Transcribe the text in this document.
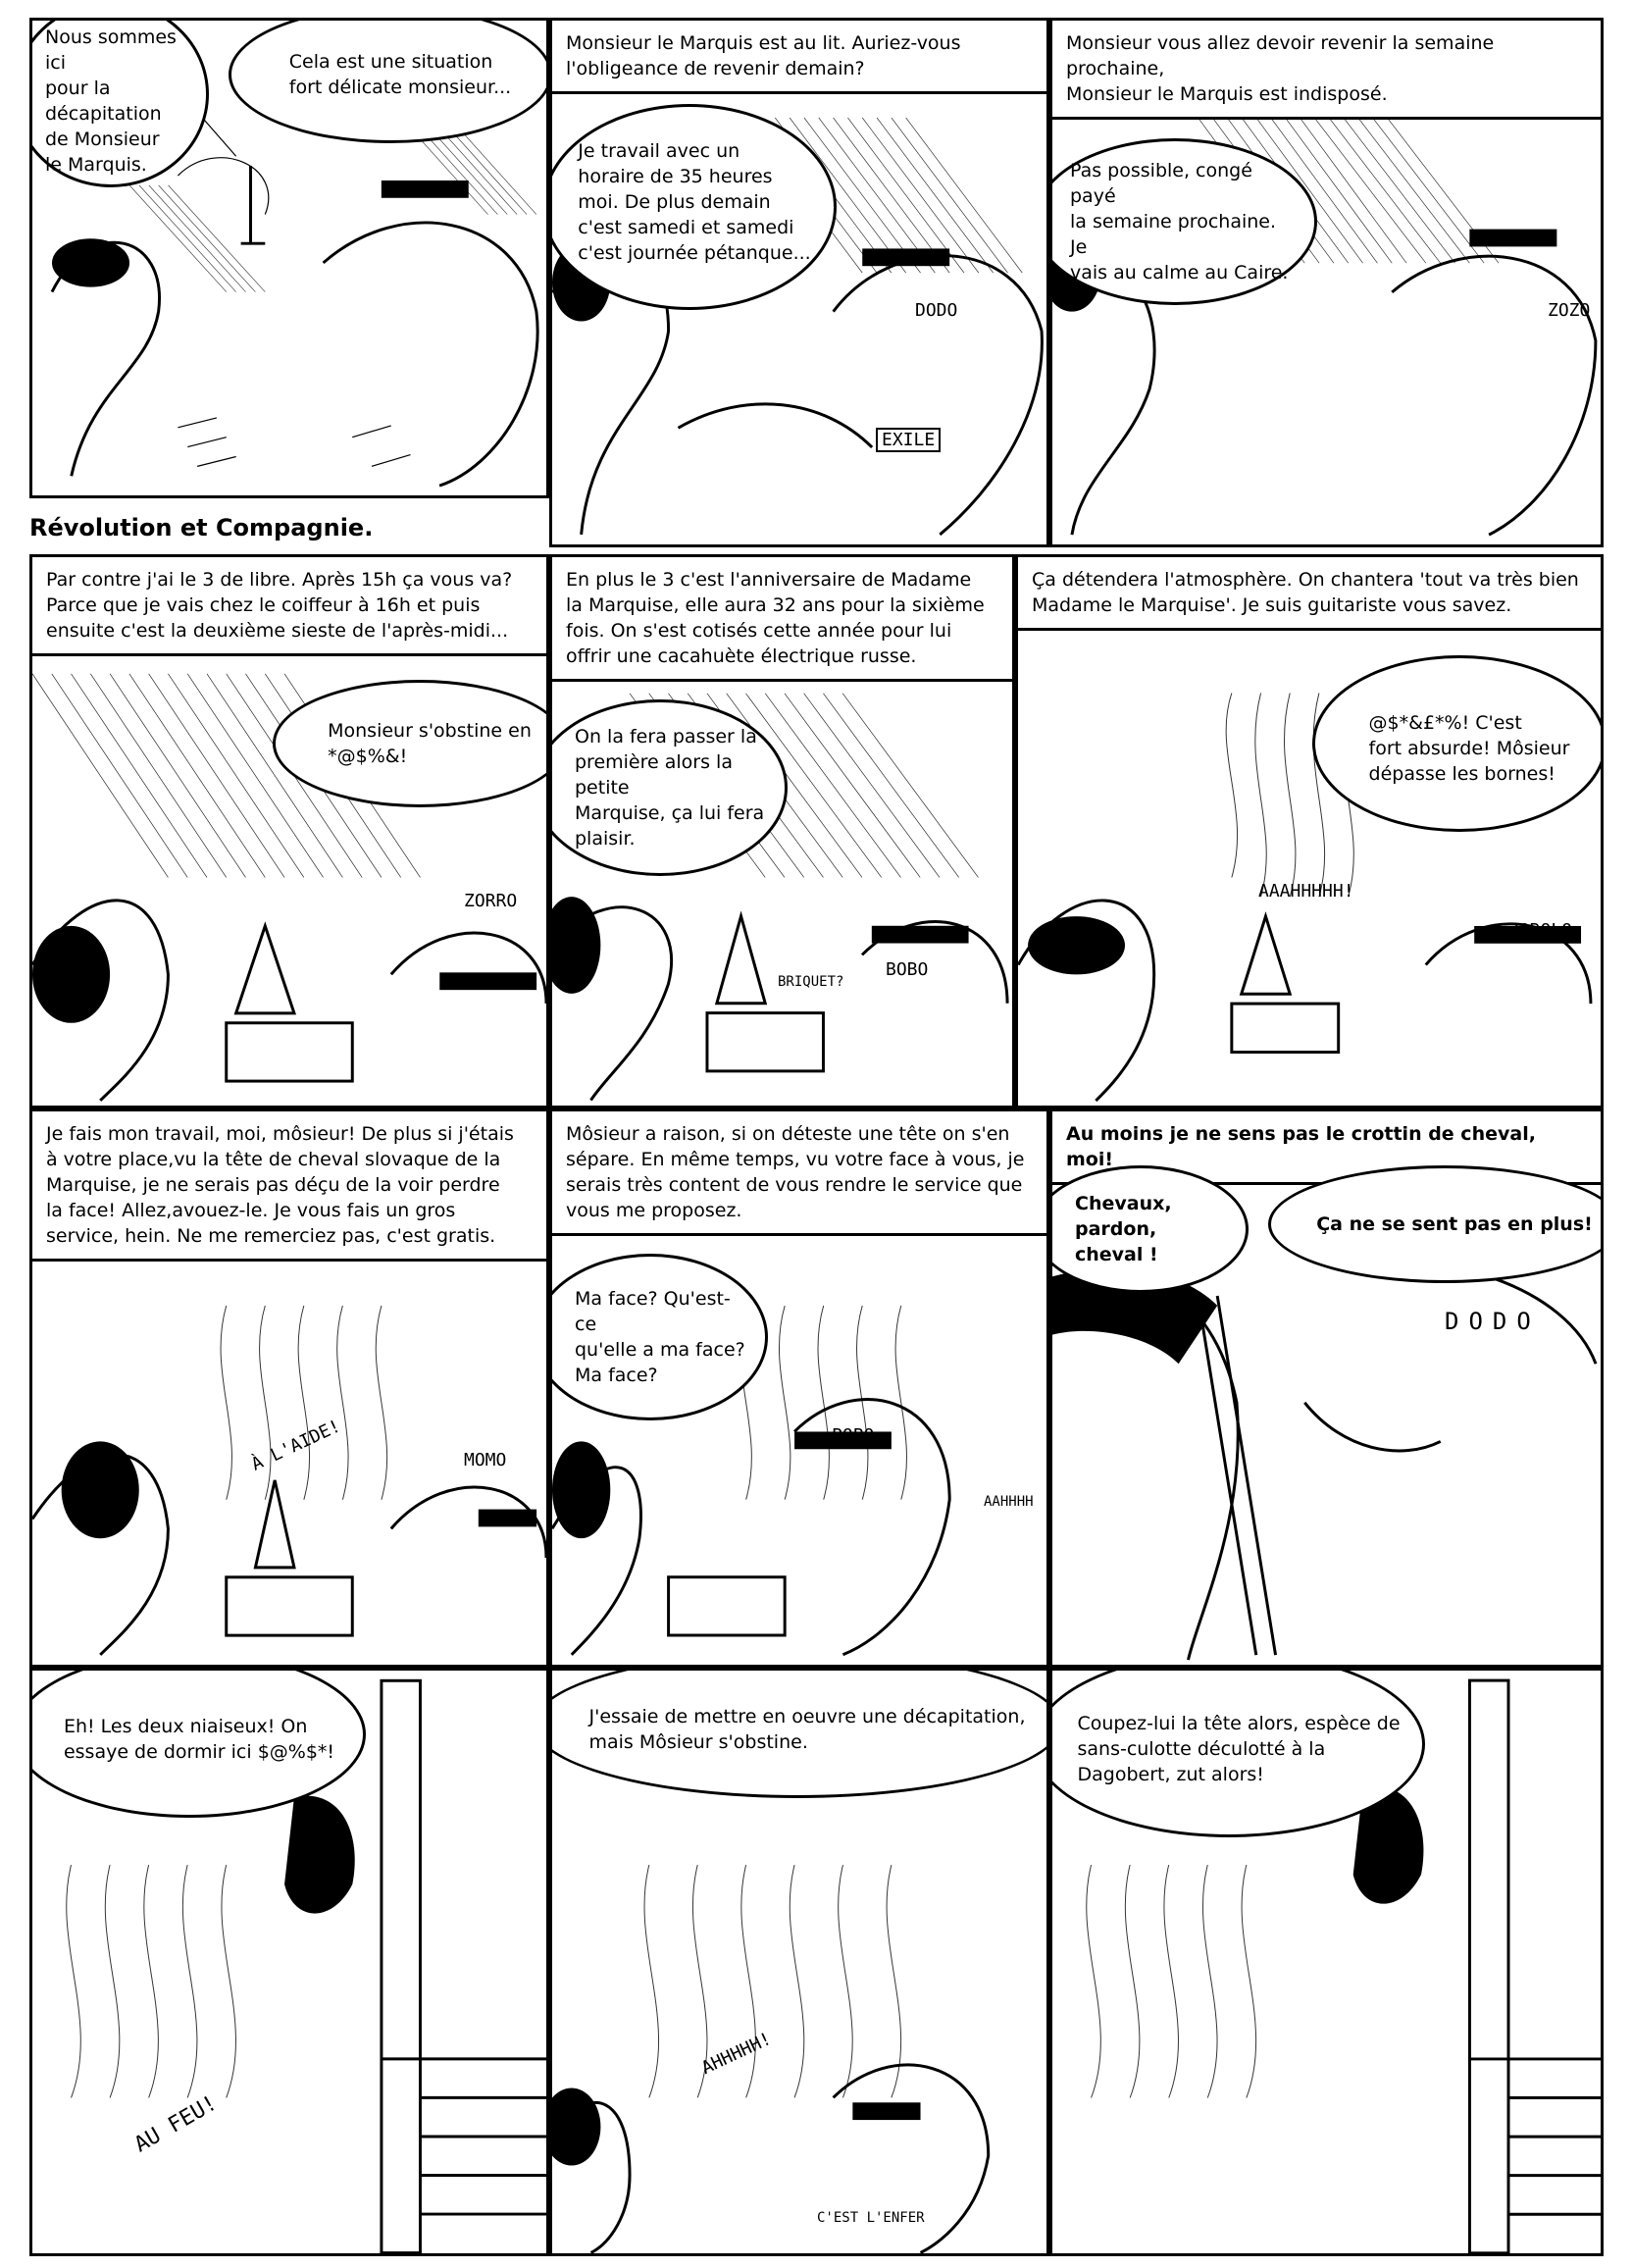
Nous sommes ici
pour la décapitation
de Monsieur
le Marquis.
Cela est une situation
fort délicate monsieur...
DODO
Monsieur le Marquis est au lit. Auriez-vous
l'obligeance de revenir demain?
Je travail avec un
horaire de 35 heures
moi. De plus demain
c'est samedi et samedi
c'est journée pétanque...
DODO
EXILE
Monsieur vous allez devoir revenir la semaine prochaine,
Monsieur le Marquis est indisposé.
Pas possible, congé payé
la semaine prochaine. Je
vais au calme au Caire.
ZOZO
Révolution et Compagnie.
Par contre j'ai le 3 de libre. Après 15h ça vous va?
Parce que je vais chez le coiffeur à 16h et puis
ensuite c'est la deuxième sieste de l'après-midi...
Monsieur s'obstine en
*@$%&!
ZORRO
En plus le 3 c'est l'anniversaire de Madame
la Marquise, elle aura 32 ans pour la sixième
fois. On s'est cotisés cette année pour lui
offrir une cacahuète électrique russe.
On la fera passer la
première alors la petite
Marquise, ça lui fera
plaisir.
BOBO
BRIQUET?
Ça détendera l'atmosphère. On chantera 'tout va très bien
Madame le Marquise'. Je suis guitariste vous savez.
@$*&£*%! C'est
fort absurde! Môsieur
dépasse les bornes!
AAAHHHHH!
ZOROLO
Je fais mon travail, moi, môsieur! De plus si j'étais
à votre place,vu la tête de cheval slovaque de la
Marquise, je ne serais pas déçu de la voir perdre
la face! Allez,avouez-le. Je vous fais un gros
service, hein. Ne me remerciez pas, c'est gratis.
À L'AIDE!	MOMO
Môsieur a raison, si on déteste une tête on s'en
sépare. En même temps, vu votre face à vous, je
serais très content de vous rendre le service que
vous me proposez.
Ma face? Qu'est-ce
qu'elle a ma face?
Ma face?
POPO
AAHHHH
Au moins je ne sens pas le crottin de cheval, moi!
Chevaux, pardon,
cheval !
Ça ne se sent pas en plus!
DODO
Eh! Les deux niaiseux! On
essaye de dormir ici $@%$*!
AU FEU!
J'essaie de mettre en oeuvre une décapitation,
mais Môsieur s'obstine.
AHHHHH!
C'EST L'ENFER
Coupez-lui la tête alors, espèce de
sans-culotte déculotté à la
Dagobert, zut alors!
